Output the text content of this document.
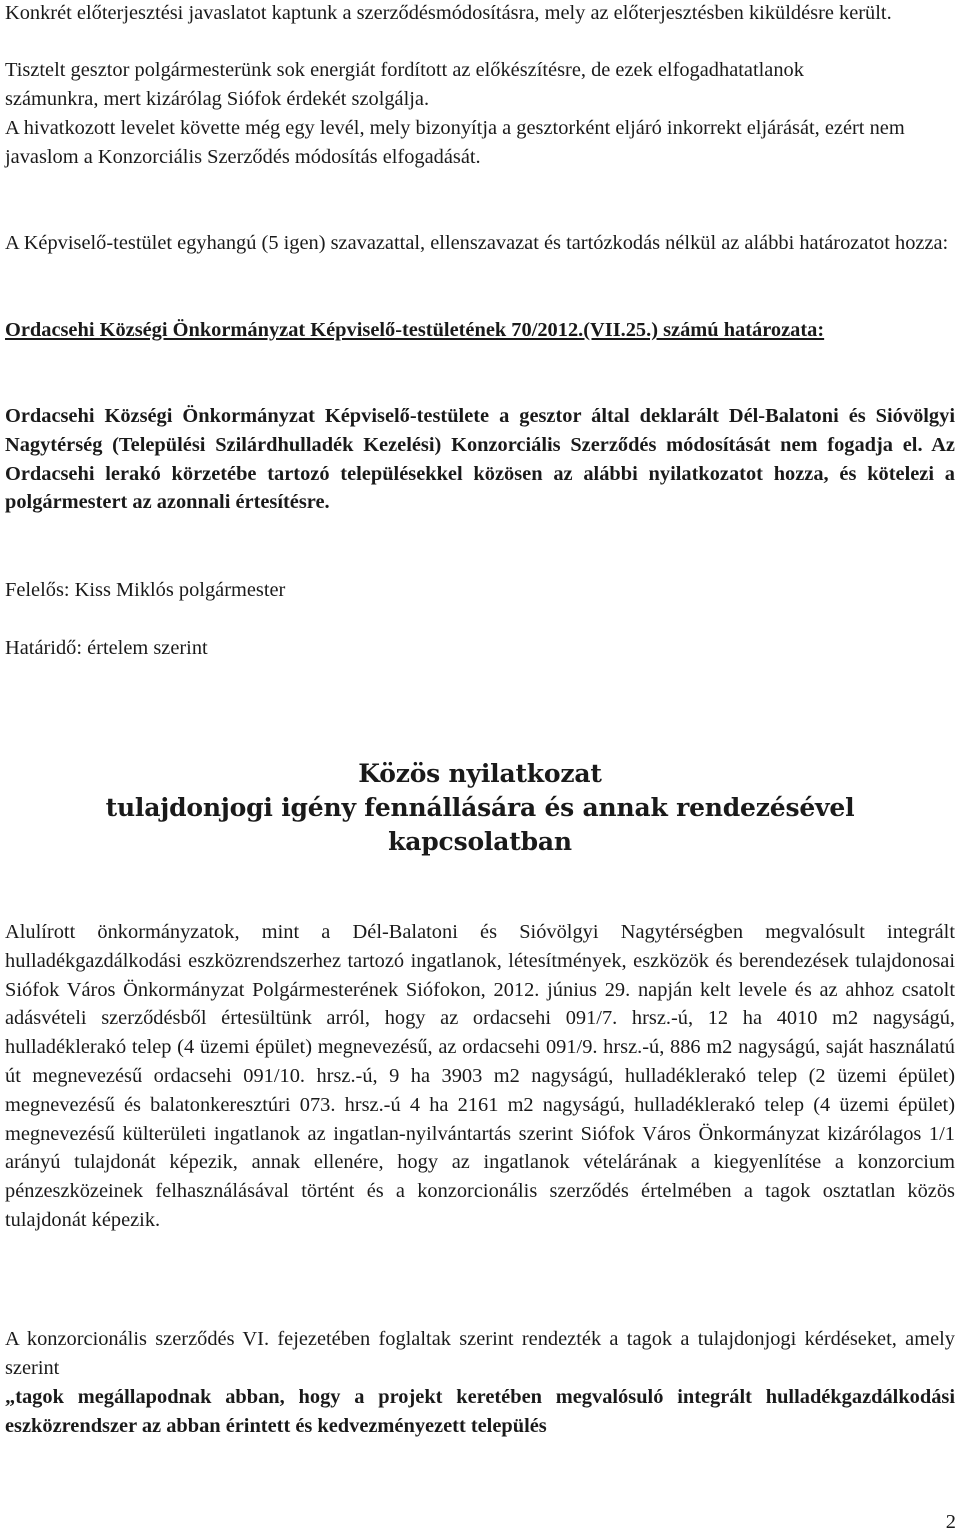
Konkrét előterjesztési javaslatot kaptunk a szerződésmódosításra, mely az előterjesztésben kiküldésre került.

Tisztelt gesztor polgármesterünk sok energiát fordított az előkészítésre, de ezek elfogadhatatlanok számunkra, mert kizárólag Siófok érdekét szolgálja.

A hivatkozott levelet követte még egy levél, mely bizonyítja a gesztorként eljáró inkorrekt eljárását, ezért nem javaslom a Konzorciális Szerződés módosítás elfogadását.

A Képviselő-testület egyhangú (5 igen) szavazattal, ellenszavazat és tartózkodás nélkül az alábbi határozatot hozza:

Ordacsehi Községi Önkormányzat Képviselő-testületének 70/2012.(VII.25.) számú határozata:

Ordacsehi Községi Önkormányzat Képviselő-testülete a gesztor által deklarált Dél-Balatoni és Sióvölgyi Nagytérség (Települési Szilárdhulladék Kezelési) Konzorciális Szerződés módosítását nem fogadja el. Az Ordacsehi lerakó körzetébe tartozó településekkel közösen az alábbi nyilatkozatot hozza, és kötelezi a polgármestert az azonnali értesítésre.

Felelős: Kiss Miklós polgármester

Határidő: értelem szerint

Közös nyilatkozat
tulajdonjogi igény fennállására és annak rendezésével
kapcsolatban

Alulírott önkormányzatok, mint a Dél-Balatoni és Sióvölgyi Nagytérségben megvalósult integrált hulladékgazdálkodási eszközrendszerhez tartozó ingatlanok, létesítmények, eszközök és berendezések tulajdonosai Siófok Város Önkormányzat Polgármesterének Siófokon, 2012. június 29. napján kelt levele és az ahhoz csatolt adásvételi szerződésből értesültünk arról, hogy az ordacsehi 091/7. hrsz.-ú, 12 ha 4010 m2 nagyságú, hulladéklerakó telep (4 üzemi épület) megnevezésű, az ordacsehi 091/9. hrsz.-ú, 886 m2 nagyságú, saját használatú út megnevezésű ordacsehi 091/10. hrsz.-ú, 9 ha 3903 m2 nagyságú, hulladéklerakó telep (2 üzemi épület) megnevezésű és balatonkeresztúri 073. hrsz.-ú 4 ha 2161 m2 nagyságú, hulladéklerakó telep (4 üzemi épület) megnevezésű külterületi ingatlanok az ingatlan-nyilvántartás szerint Siófok Város Önkormányzat kizárólagos 1/1 arányú tulajdonát képezik, annak ellenére, hogy az ingatlanok vételárának a kiegyenlítése a konzorcium pénzeszközeinek felhasználásával történt és a konzorcionális szerződés értelmében a tagok osztatlan közös tulajdonát képezik.

A konzorcionális szerződés VI. fejezetében foglaltak szerint rendezték a tagok a tulajdonjogi kérdéseket, amely szerint

„tagok megállapodnak abban, hogy a projekt keretében megvalósuló integrált hulladékgazdálkodási eszközrendszer az abban érintett és kedvezményezett település

2
